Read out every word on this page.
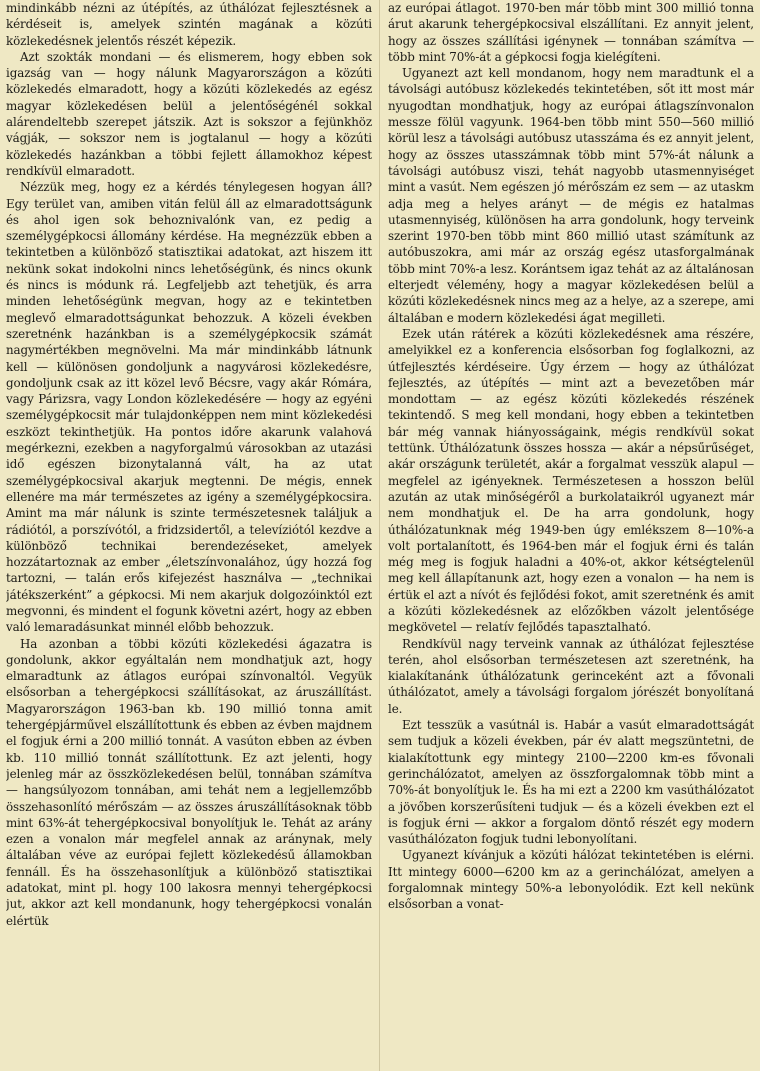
mindinkább nézni az útépítés, az úthálózat fejlesztésnek a kérdéseit is, amelyek szintén magának a közúti közlekedésnek jelentős részét képezik.

Azt szokták mondani — és elismerem, hogy ebben sok igazság van — hogy nálunk Magyarországon a közúti közlekedés elmaradott, hogy a közúti közlekedés az egész magyar közlekedésen belül a jelentőségénél sokkal alárendeltebb szerepet játszik. Azt is sokszor a fejünkhöz vágják, — sokszor nem is jogtalanul — hogy a közúti közlekedés hazánkban a többi fejlett államokhoz képest rendkívül elmaradott.

Nézzük meg, hogy ez a kérdés ténylegesen hogyan áll? Egy terület van, amiben vitán felül áll az elmaradottságunk és ahol igen sok behoznivalónk van, ez pedig a személygépkocsi állomány kérdése. Ha megnézzük ebben a tekintetben a különböző statisztikai adatokat, azt hiszem itt nekünk sokat indokolni nincs lehetőségünk, és nincs okunk és nincs is módunk rá. Legfeljebb azt tehetjük, és arra minden lehetőségünk megvan, hogy az e tekintetben meglevő elmaradottságunkat behozzuk. A közeli években szeretnénk hazánkban is a személygépkocsik számát nagymértékben megnövelni. Ma már mindinkább látnunk kell — különösen gondoljunk a nagyvárosi közlekedésre, gondoljunk csak az itt közel levő Bécsre, vagy akár Rómára, vagy Párizsra, vagy London közlekedésére — hogy az egyéni személygépkocsit már tulajdonképpen nem mint közlekedési eszközt tekinthetjük. Ha pontos időre akarunk valahová megérkezni, ezekben a nagyforgalmú városokban az utazási idő egészen bizonytalanná vált, ha az utat személygépkocsival akarjuk megtenni. De mégis, ennek ellenére ma már természetes az igény a személygépkocsira. Amint ma már nálunk is szinte természetesnek találjuk a rádiótól, a porszívótól, a fridzsidertől, a televíziótól kezdve a különböző technikai berendezéseket, amelyek hozzátartoznak az ember „életszínvonalához, úgy hozzá fog tartozni, — talán erős kifejezést használva — „technikai játékszerként” a gépkocsi. Mi nem akarjuk dolgozóinktól ezt megvonni, és mindent el fogunk követni azért, hogy az ebben való lemaradásunkat minnél előbb behozzuk.

Ha azonban a többi közúti közlekedési ágazatra is gondolunk, akkor egyáltalán nem mondhatjuk azt, hogy elmaradtunk az átlagos európai színvonaltól. Vegyük elsősorban a tehergépkocsi szállításokat, az áruszállítást. Magyarországon 1963-ban kb. 190 millió tonna amit tehergépjárművel elszállítottunk és ebben az évben majdnem el fogjuk érni a 200 millió tonnát. A vasúton ebben az évben kb. 110 millió tonnát szállítottunk. Ez azt jelenti, hogy jelenleg már az összközlekedésen belül, tonnában számítva — hangsúlyozom tonnában, ami tehát nem a legjellemzőbb összehasonlító mérőszám — az összes áruszállításoknak több mint 63%-át tehergépkocsival bonyolítjuk le. Tehát az arány ezen a vonalon már megfelel annak az aránynak, mely általában véve az európai fejlett közlekedésű államokban fennáll. És ha összehasonlítjuk a különböző statisztikai adatokat, mint pl. hogy 100 lakosra mennyi tehergépkocsi jut, akkor azt kell mondanunk, hogy tehergépkocsi vonalán elértük

az európai átlagot. 1970-ben már több mint 300 millió tonna árut akarunk tehergépkocsival elszállítani. Ez annyit jelent, hogy az összes szállítási igénynek — tonnában számítva — több mint 70%-át a gépkocsi fogja kielégíteni.

Ugyanezt azt kell mondanom, hogy nem maradtunk el a távolsági autóbusz közlekedés tekintetében, sőt itt most már nyugodtan mondhatjuk, hogy az európai átlagszínvonalon messze fölül vagyunk. 1964-ben több mint 550—560 millió körül lesz a távolsági autóbusz utasszáma és ez annyit jelent, hogy az összes utasszámnak több mint 57%-át nálunk a távolsági autóbusz viszi, tehát nagyobb utasmennyiséget mint a vasút. Nem egészen jó mérőszám ez sem — az utaskm adja meg a helyes arányt — de mégis ez hatalmas utasmennyiség, különösen ha arra gondolunk, hogy terveink szerint 1970-ben több mint 860 millió utast számítunk az autóbuszokra, ami már az ország egész utasforgalmának több mint 70%-a lesz. Korántsem igaz tehát az az általánosan elterjedt vélemény, hogy a magyar közlekedésen belül a közúti közlekedésnek nincs meg az a helye, az a szerepe, ami általában e modern közlekedési ágat megilleti.

Ezek után rátérek a közúti közlekedésnek ama részére, amelyikkel ez a konferencia elsősorban fog foglalkozni, az útfejlesztés kérdéseire. Úgy érzem — hogy az úthálózat fejlesztés, az útépítés — mint azt a bevezetőben már mondottam — az egész közúti közlekedés részének tekintendő. S meg kell mondani, hogy ebben a tekintetben bár még vannak hiányosságaink, mégis rendkívül sokat tettünk. Úthálózatunk összes hossza — akár a népsűrűséget, akár országunk területét, akár a forgalmat vesszük alapul — megfelel az igényeknek. Természetesen a hosszon belül azután az utak minőségéről a burkolataikról ugyanezt már nem mondhatjuk el. De ha arra gondolunk, hogy úthálózatunknak még 1949-ben úgy emlékszem 8—10%-a volt portalanított, és 1964-ben már el fogjuk érni és talán még meg is fogjuk haladni a 40%-ot, akkor kétségtelenül meg kell állapítanunk azt, hogy ezen a vonalon — ha nem is értük el azt a nívót és fejlődési fokot, amit szeretnénk és amit a közúti közlekedésnek az előzőkben vázolt jelentősége megkövetel — relatív fejlődés tapasztalható.

Rendkívül nagy terveink vannak az úthálózat fejlesztése terén, ahol elsősorban természetesen azt szeretnénk, ha kialakítanánk úthálózatunk gerinceként azt a fővonali úthálózatot, amely a távolsági forgalom jórészét bonyolítaná le.

Ezt tesszük a vasútnál is. Habár a vasút elmaradottságát sem tudjuk a közeli években, pár év alatt megszüntetni, de kialakítottunk egy mintegy 2100—2200 km-es fővonali gerinchálózatot, amelyen az összforgalomnak több mint a 70%-át bonyolítjuk le. És ha mi ezt a 2200 km vasúthálózatot a jövőben korszerűsíteni tudjuk — és a közeli években ezt el is fogjuk érni — akkor a forgalom döntő részét egy modern vasúthálózaton fogjuk tudni lebonyolítani.

Ugyanezt kívánjuk a közúti hálózat tekintetében is elérni. Itt mintegy 6000—6200 km az a gerinchálózat, amelyen a forgalomnak mintegy 50%-a lebonyolódik. Ezt kell nekünk elsősorban a vonat-
